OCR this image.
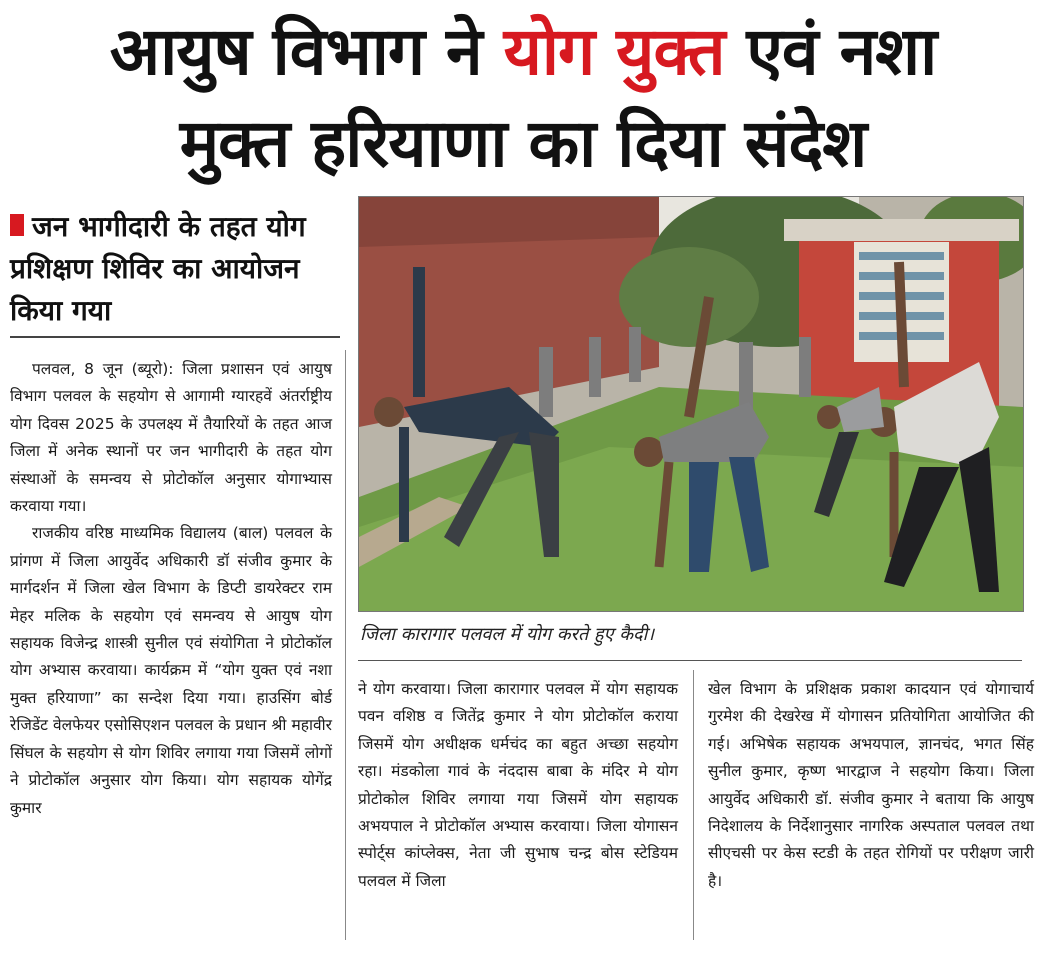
आयुष विभाग ने योग युक्त एवं नशा
मुक्त हरियाणा का दिया संदेश
जन भागीदारी के तहत योग प्रशिक्षण शिविर का आयोजन किया गया

पलवल, 8 जून (ब्यूरो): जिला प्रशासन एवं आयुष विभाग पलवल के सहयोग से आगामी ग्यारहवें अंतर्राष्ट्रीय योग दिवस 2025 के उपलक्ष्य में तैयारियों के तहत आज जिला में अनेक स्थानों पर जन भागीदारी के तहत योग संस्थाओं के समन्वय से प्रोटोकॉल अनुसार योगाभ्यास करवाया गया।

राजकीय वरिष्ठ माध्यमिक विद्यालय (बाल) पलवल के प्रांगण में जिला आयुर्वेद अधिकारी डॉ संजीव कुमार के मार्गदर्शन में जिला खेल विभाग के डिप्टी डायरेक्टर राम मेहर मलिक के सहयोग एवं समन्वय से आयुष योग सहायक विजेन्द्र शास्त्री सुनील एवं संयोगिता ने प्रोटोकॉल योग अभ्यास करवाया। कार्यक्रम में “योग युक्त एवं नशा मुक्त हरियाणा” का सन्देश दिया गया। हाउसिंग बोर्ड रेजिडेंट वेलफेयर एसोसिएशन पलवल के प्रधान श्री महावीर सिंघल के सहयोग से योग शिविर लगाया गया जिसमें लोगों ने प्रोटोकॉल अनुसार योग किया। योग सहायक योगेंद्र कुमार

जिला कारागार पलवल में योग करते हुए कैदी।

ने योग करवाया। जिला कारागार पलवल में योग सहायक पवन वशिष्ठ व जितेंद्र कुमार ने योग प्रोटोकॉल कराया जिसमें योग अधीक्षक धर्मचंद का बहुत अच्छा सहयोग रहा। मंडकोला गावं के नंददास बाबा के मंदिर मे योग प्रोटोकोल शिविर लगाया गया जिसमें योग सहायक अभयपाल ने प्रोटोकॉल अभ्यास करवाया। जिला योगासन स्पोर्ट्स कांप्लेक्स, नेता जी सुभाष चन्द्र बोस स्टेडियम पलवल में जिला

खेल विभाग के प्रशिक्षक प्रकाश कादयान एवं योगाचार्य गुरमेश की देखरेख में योगासन प्रतियोगिता आयोजित की गई। अभिषेक सहायक अभयपाल, ज्ञानचंद, भगत सिंह सुनील कुमार, कृष्ण भारद्वाज ने सहयोग किया। जिला आयुर्वेद अधिकारी डॉ. संजीव कुमार ने बताया कि आयुष निदेशालय के निर्देशानुसार नागरिक अस्पताल पलवल तथा सीएचसी पर केस स्टडी के तहत रोगियों पर परीक्षण जारी है।
